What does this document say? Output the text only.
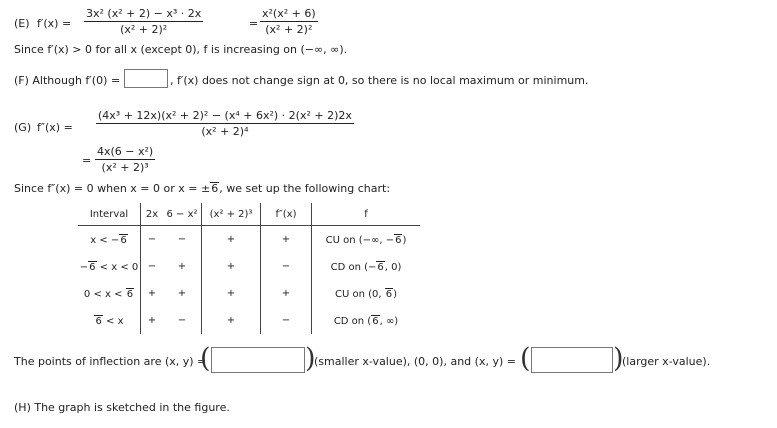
(E) $f'(x) = \frac{\text{3x² (x² + 2) − x³ · 2x}}{\text{(x² + 2)²}}$	= $\frac{\text{x²(x² + 6)}}{\text{(x² + 2)²}}$
Since f′(x) > 0 for all x (except 0), f is increasing on (−∞, ∞).
(F) Although f′(0) =	, f′(x) does not change sign at 0, so there is no local maximum or minimum.
(G) $f''(x) = \frac{\text{(4x³ + 12x)(x² + 2)² − (x⁴ + 6x²) · 2(x² + 2)2x}}{\text{(x² + 2)⁴}}$
= $\frac{\text{4x(6 − x²)}}{\text{(x² + 2)³}}$
Since f″(x) = 0 when x = 0 or x = ±6, we set up the following chart:
Interval	2x	6 − x²	(x² + 2)³	f″(x)	f
x < −6	−	−	+	+	CU on (−∞, −6)
−6 < x < 0	−	+	+	−	CD on (−6, 0)
0 < x < 6	+	+	+	+	CU on (0, 6)
6 < x	+	−	+	−	CD on (6, ∞)
The points of inflection are (x, y) =
(	)
(smaller x-value), (0, 0), and (x, y) = (	)
(larger x-value).
(H) The graph is sketched in the figure.
